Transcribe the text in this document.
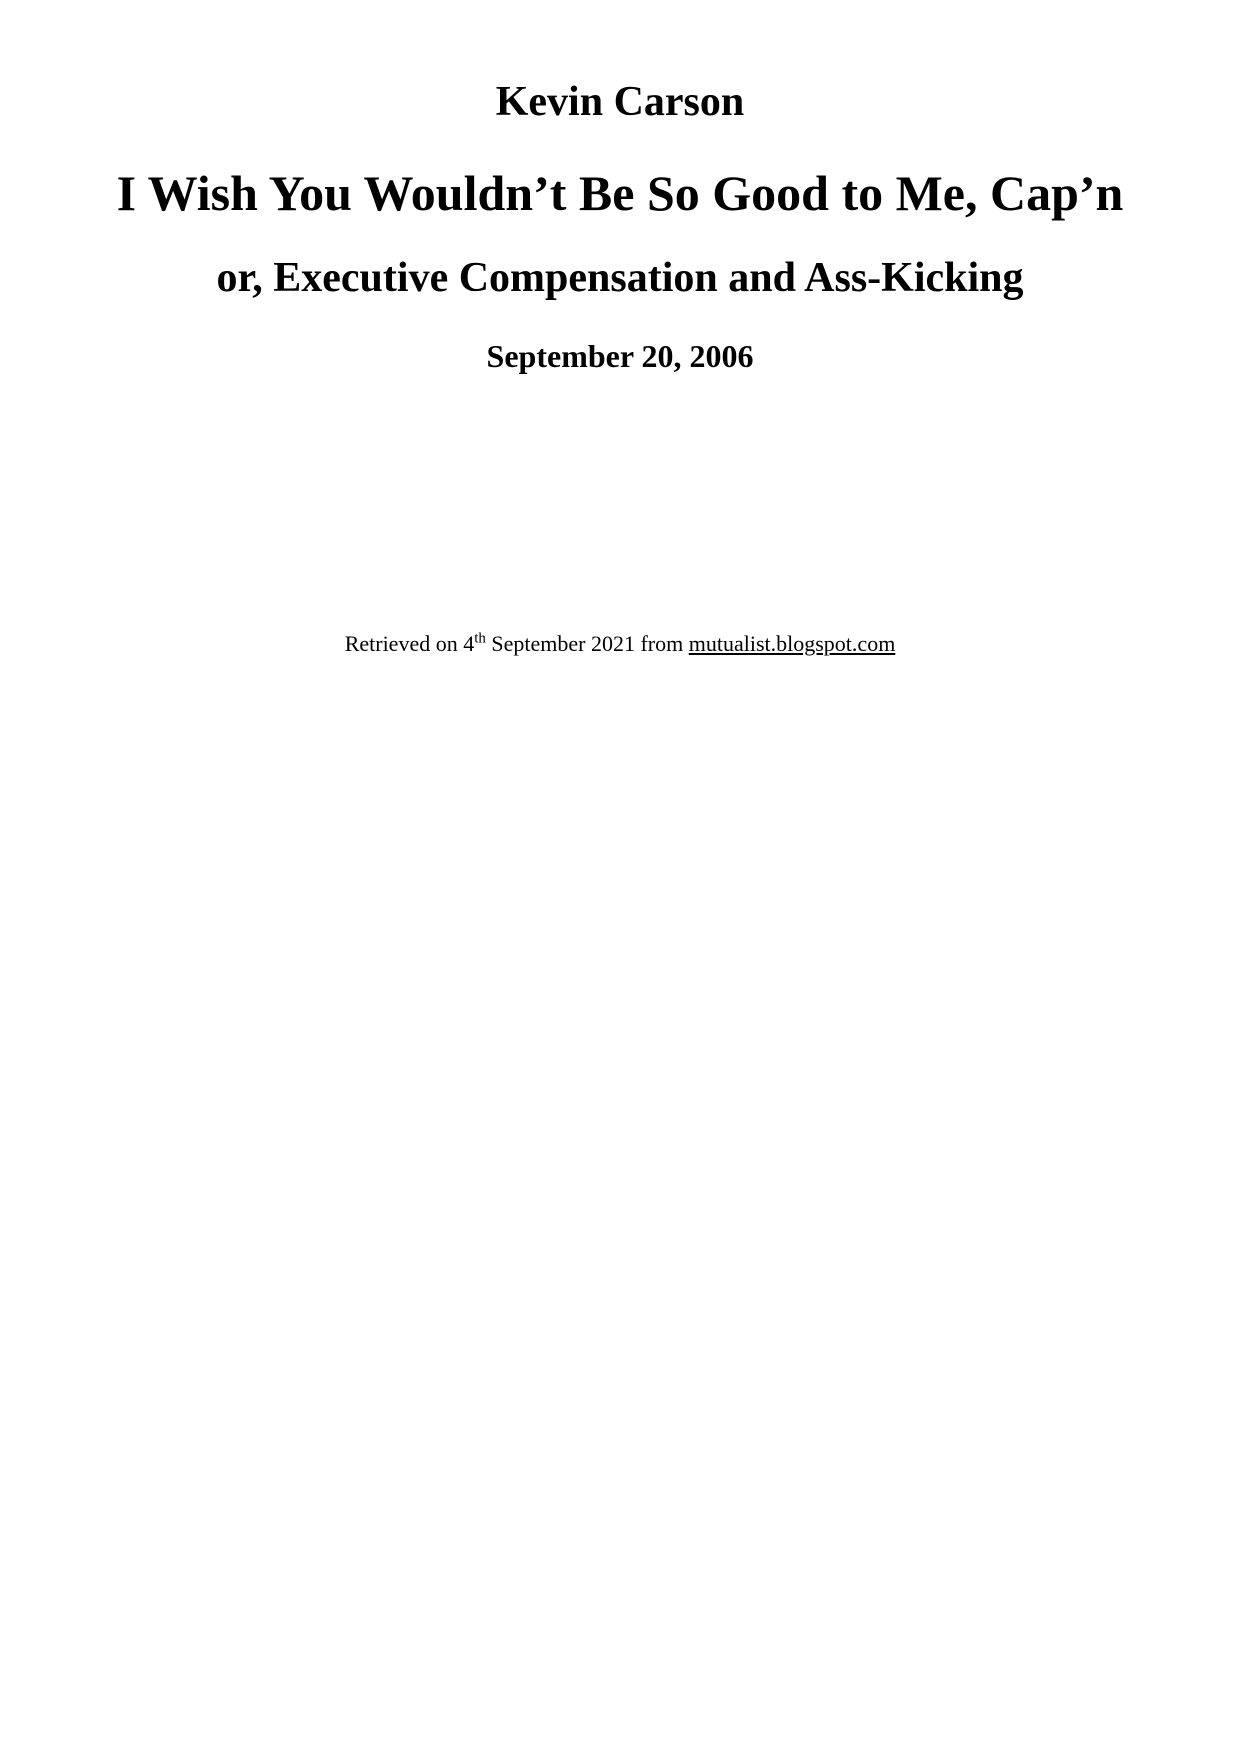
Kevin Carson
I Wish You Wouldn’t Be So Good to Me, Cap’n
or, Executive Compensation and Ass-Kicking
September 20, 2006
Retrieved on 4th September 2021 from mutualist.blogspot.com
